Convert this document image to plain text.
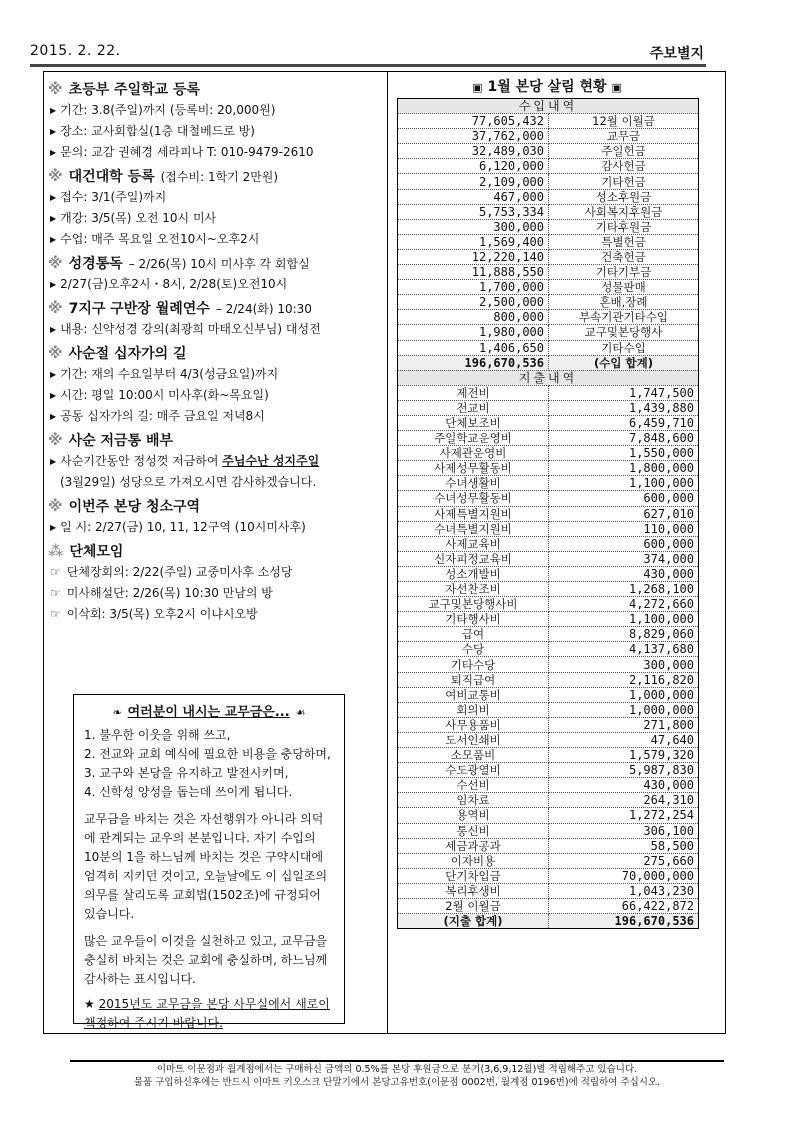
2015. 2. 22.	주보별지
※ 초등부 주일학교 등록
▶ 기간: 3.8(주일)까지 (등록비: 20,000원)
▶ 장소: 교사회합실(1층 대철베드로 방)
▶ 문의: 교감 권혜경 세라피나 T: 010-9479-2610
※ 대건대학 등록 (접수비: 1학기 2만원)
▶ 접수: 3/1(주일)까지
▶ 개강: 3/5(목) 오전 10시 미사
▶ 수업: 매주 목요일 오전10시~오후2시
※ 성경통독 – 2/26(목) 10시 미사후 각 회합실
▶ 2/27(금)오후2시・8시, 2/28(토)오전10시
※ 7지구 구반장 월례연수 – 2/24(화) 10:30
▶ 내용: 신약성경 강의(최광희 마태오신부님) 대성전
※ 사순절 십자가의 길
▶ 기간: 재의 수요일부터 4/3(성금요일)까지
▶ 시간: 평일 10:00시 미사후(화~목요일)
▶ 공동 십자가의 길: 매주 금요일 저녁8시
※ 사순 저금통 배부
▶ 사순기간동안 정성껏 저금하여 주님수난 성지주일
(3월29일) 성당으로 가져오시면 감사하겠습니다.
※ 이번주 본당 청소구역
▶ 일 시: 2/27(금) 10, 11, 12구역 (10시미사후)
⁂ 단체모임
☞ 단체장회의: 2/22(주일) 교중미사후 소성당
☞ 미사해설단: 2/26(목) 10:30 만남의 방
☞ 이삭회: 3/5(목) 오후2시 이냐시오방
❧ 여러분이 내시는 교무금은... ☙

1. 불우한 이웃을 위해 쓰고,

2. 전교와 교회 예식에 필요한 비용을 충당하며,

3. 교구와 본당을 유지하고 발전시키며,

4. 신학성 양성을 돕는데 쓰이게 됩니다.

교무금을 바치는 것은 자선행위가 아니라 의덕에 관계되는 교우의 본분입니다. 자기 수입의 10분의 1을 하느님께 바치는 것은 구약시대에 엄격히 지키던 것이고, 오늘날에도 이 십일조의 의무를 살리도록 교회법(1502조)에 규정되어 있습니다.

많은 교우들이 이것을 실천하고 있고, 교무금을 충실히 바치는 것은 교회에 충실하며, 하느님께 감사하는 표시입니다.

★ 2015년도 교무금을 본당 사무실에서 새로이 책정하여 주시기 바랍니다.

▣ 1월 본당 살림 현황 ▣
수입내역	
77,605,432	12월 이월금
37,762,000	교무금
32,489,030	주일헌금
6,120,000	감사헌금
2,109,000	기타헌금
467,000	성소후원금
5,753,334	사회복지후원금
300,000	기타후원금
1,569,400	특별헌금
12,220,140	건축헌금
11,888,550	기타기부금
1,700,000	성물판매
2,500,000	혼배,장례
800,000	부속기관기타수입
1,980,000	교구및본당행사
1,406,650	기타수입
196,670,536	(수입 합계)
지출내역	
제전비	1,747,500
전교비	1,439,880
단체보조비	6,459,710
주일학교운영비	7,848,600
사제관운영비	1,550,000
사제성무활동비	1,800,000
수녀생활비	1,100,000
수녀성무활동비	600,000
사제특별지원비	627,010
수녀특별지원비	110,000
사제교육비	600,000
신자피정교육비	374,000
성소개발비	430,000
자선찬조비	1,268,100
교구및본당행사비	4,272,660
기타행사비	1,100,000
급여	8,829,060
수당	4,137,680
기타수당	300,000
퇴직급여	2,116,820
여비교통비	1,000,000
회의비	1,000,000
사무용품비	271,800
도서인쇄비	47,640
소모품비	1,579,320
수도광열비	5,987,830
수선비	430,000
임차료	264,310
용역비	1,272,254
통신비	306,100
세금과공과	58,500
이자비용	275,660
단기차입금	70,000,000
복리후생비	1,043,230
2월 이월금	66,422,872
(지출 합계)	196,670,536
이마트 이문점과 월계점에서는 구매하신 금액의 0.5%를 본당 후원금으로 분기(3,6,9,12월)별 적립해주고 있습니다.
물품 구입하신후에는 반드시 이마트 키오스크 단말기에서 본당고유번호(이문점 0002번, 월계점 0196번)에 적립하여 주십시오.
